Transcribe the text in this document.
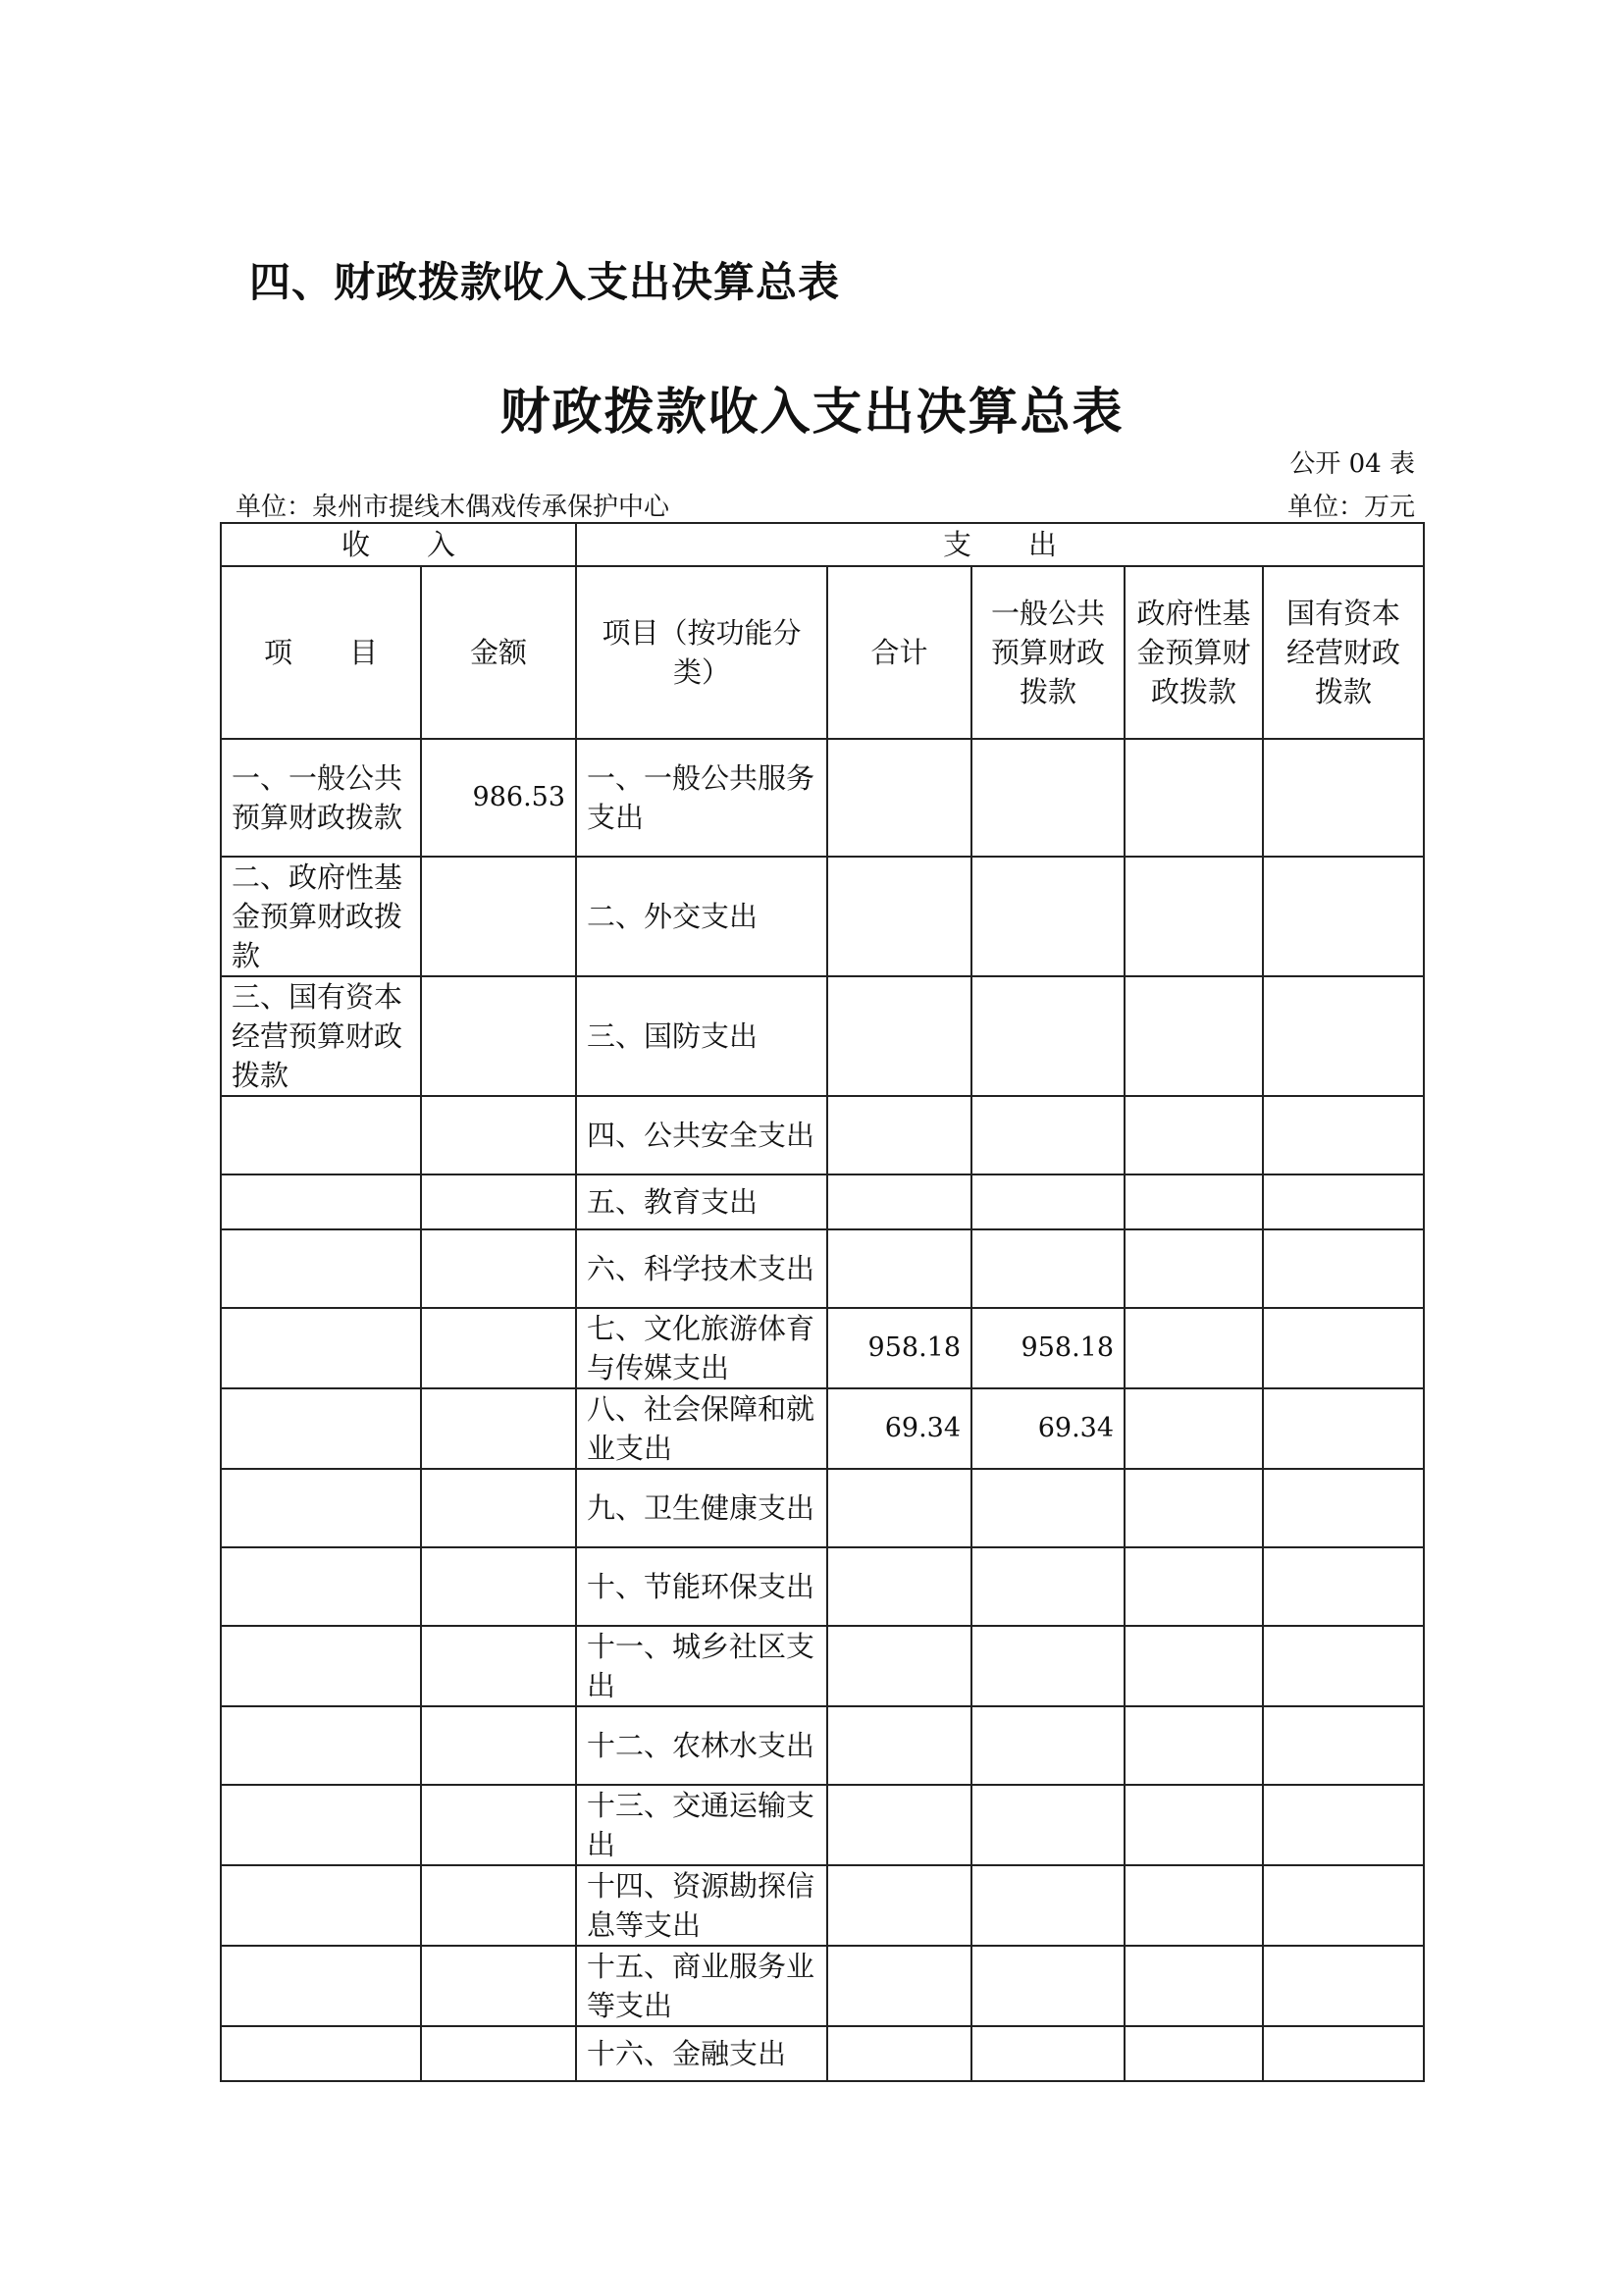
四、财政拨款收入支出决算总表
财政拨款收入支出决算总表
公开 04 表
单位：泉州市提线木偶戏传承保护中心	单位：万元
收　　入		支　　出				
项　　目	金额	项目（按功能分类）	合计	一般公共预算财政拨款	政府性基金预算财政拨款	国有资本经营财政拨款
一、一般公共预算财政拨款	986.53	一、一般公共服务支出				
二、政府性基金预算财政拨款		二、外交支出				
三、国有资本经营预算财政拨款		三、国防支出				
		四、公共安全支出				
		五、教育支出				
		六、科学技术支出				
		七、文化旅游体育与传媒支出	958.18	958.18		
		八、社会保障和就业支出	69.34	69.34		
		九、卫生健康支出				
		十、节能环保支出				
		十一、城乡社区支出				
		十二、农林水支出				
		十三、交通运输支出				
		十四、资源勘探信息等支出				
		十五、商业服务业等支出				
		十六、金融支出				
